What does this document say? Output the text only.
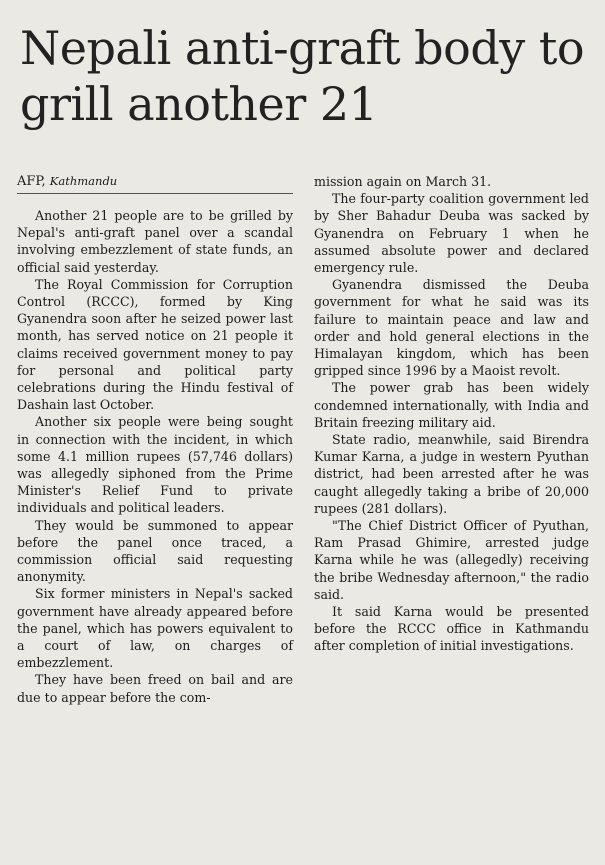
Nepali anti-graft body to grill another 21
AFP, Kathmandu

Another 21 people are to be grilled by Nepal's anti-graft panel over a scandal involving embezzlement of state funds, an official said yesterday.

The Royal Commission for Corruption Control (RCCC), formed by King Gyanendra soon after he seized power last month, has served notice on 21 people it claims received government money to pay for personal and political party celebrations during the Hindu festival of Dashain last October.

Another six people were being sought in connection with the incident, in which some 4.1 million rupees (57,746 dollars) was allegedly siphoned from the Prime Minister's Relief Fund to private individuals and political leaders.

They would be summoned to appear before the panel once traced, a commission official said requesting anonymity.

Six former ministers in Nepal's sacked government have already appeared before the panel, which has powers equivalent to a court of law, on charges of embezzlement.

They have been freed on bail and are due to appear before the com-

mission again on March 31.

The four-party coalition government led by Sher Bahadur Deuba was sacked by Gyanendra on February 1 when he assumed absolute power and declared emergency rule.

Gyanendra dismissed the Deuba government for what he said was its failure to maintain peace and law and order and hold general elections in the Himalayan kingdom, which has been gripped since 1996 by a Maoist revolt.

The power grab has been widely condemned internationally, with India and Britain freezing military aid.

State radio, meanwhile, said Birendra Kumar Karna, a judge in western Pyuthan district, had been arrested after he was caught allegedly taking a bribe of 20,000 rupees (281 dollars).

"The Chief District Officer of Pyuthan, Ram Prasad Ghimire, arrested judge Karna while he was (allegedly) receiving the bribe Wednesday afternoon," the radio said.

It said Karna would be presented before the RCCC office in Kathmandu after completion of initial investigations.
